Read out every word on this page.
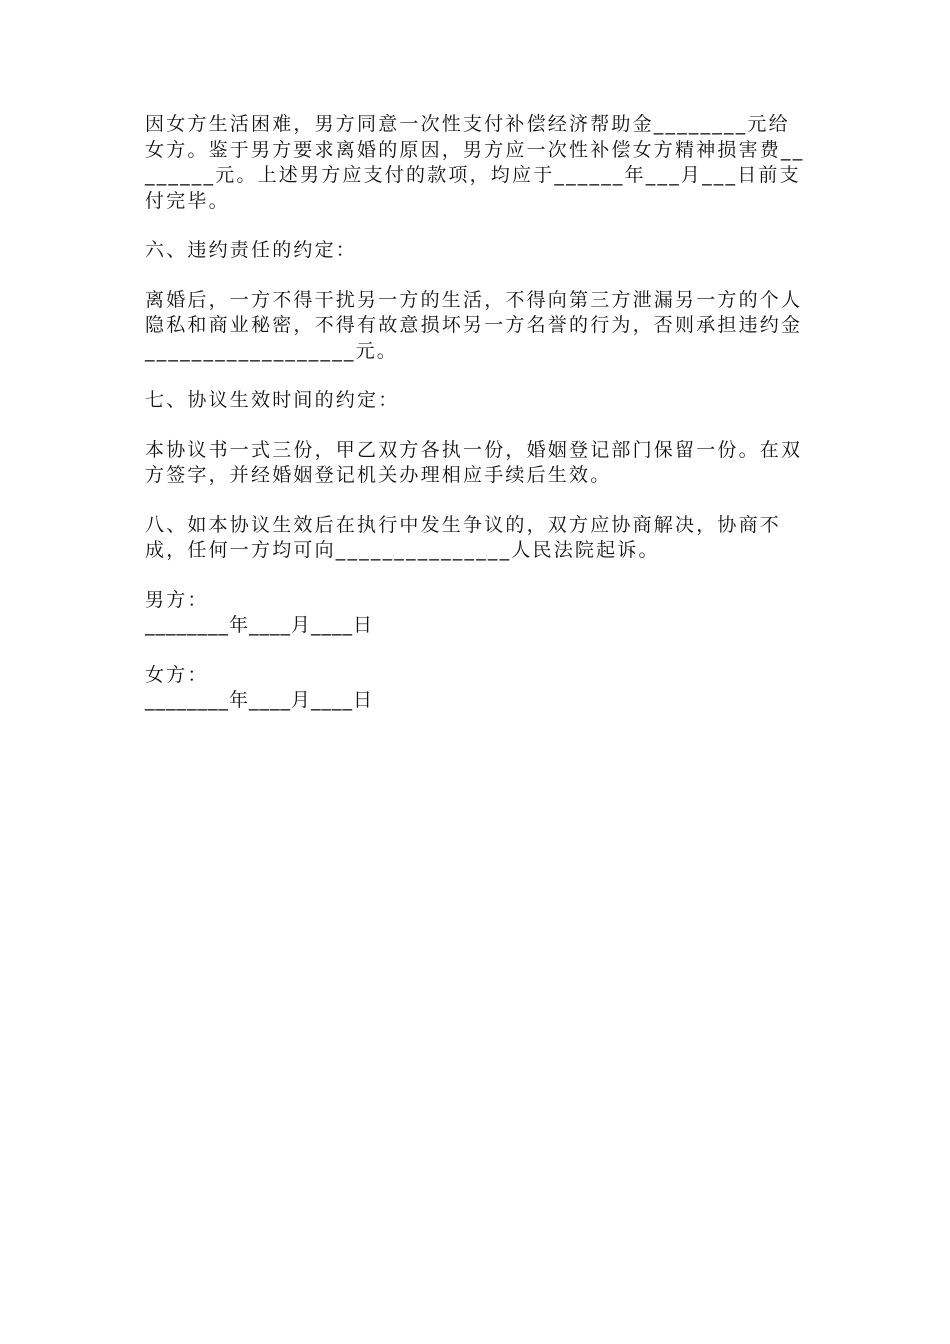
因女方生活困难，男方同意一次性支付补偿经济帮助金________元给女方。鉴于男方要求离婚的原因，男方应一次性补偿女方精神损害费________元。上述男方应支付的款项，均应于______年___月___日前支付完毕。

六、违约责任的约定：

离婚后，一方不得干扰另一方的生活，不得向第三方泄漏另一方的个人隐私和商业秘密，不得有故意损坏另一方名誉的行为，否则承担违约金__________________元。

七、协议生效时间的约定：

本协议书一式三份，甲乙双方各执一份，婚姻登记部门保留一份。在双方签字，并经婚姻登记机关办理相应手续后生效。

八、如本协议生效后在执行中发生争议的，双方应协商解决，协商不成，任何一方均可向_______________人民法院起诉。

男方：

________年____月____日

女方：

________年____月____日
